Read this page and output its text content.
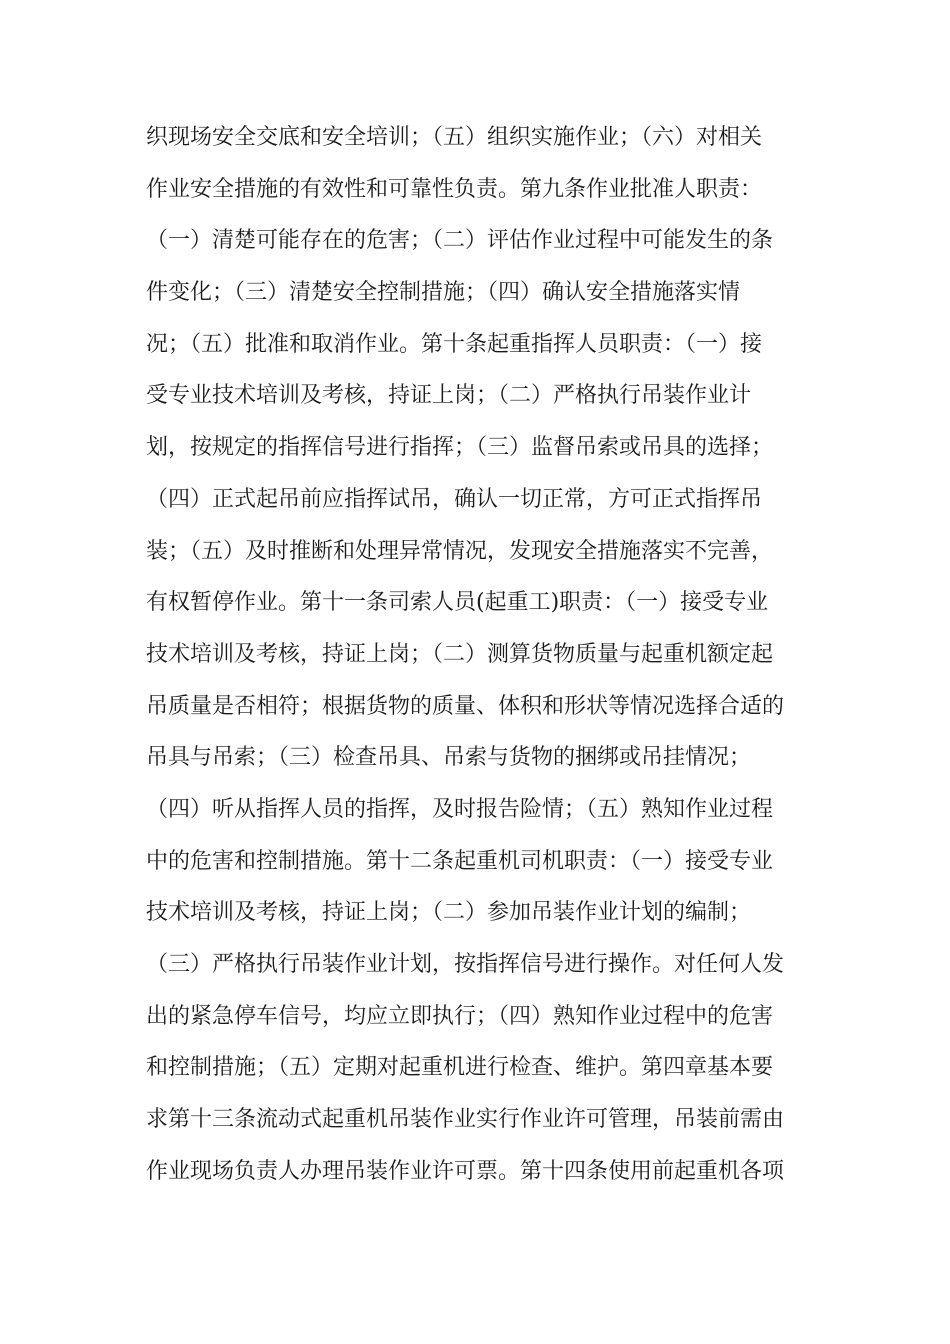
织现场安全交底和安全培训；（五）组织实施作业；（六）对相关
作业安全措施的有效性和可靠性负责。第九条作业批准人职责：
（一）清楚可能存在的危害；（二）评估作业过程中可能发生的条
件变化；（三）清楚安全控制措施；（四）确认安全措施落实情
况；（五）批准和取消作业。第十条起重指挥人员职责：（一）接
受专业技术培训及考核，持证上岗；（二）严格执行吊装作业计
划，按规定的指挥信号进行指挥；（三）监督吊索或吊具的选择；
（四）正式起吊前应指挥试吊，确认一切正常，方可正式指挥吊
装；（五）及时推断和处理异常情况，发现安全措施落实不完善，
有权暂停作业。第十一条司索人员(起重工)职责：（一）接受专业
技术培训及考核，持证上岗；（二）测算货物质量与起重机额定起
吊质量是否相符；根据货物的质量、体积和形状等情况选择合适的
吊具与吊索；（三）检查吊具、吊索与货物的捆绑或吊挂情况；
（四）听从指挥人员的指挥，及时报告险情；（五）熟知作业过程
中的危害和控制措施。第十二条起重机司机职责：（一）接受专业
技术培训及考核，持证上岗；（二）参加吊装作业计划的编制；
（三）严格执行吊装作业计划，按指挥信号进行操作。对任何人发
出的紧急停车信号，均应立即执行；（四）熟知作业过程中的危害
和控制措施；（五）定期对起重机进行检查、维护。第四章基本要
求第十三条流动式起重机吊装作业实行作业许可管理，吊装前需由
作业现场负责人办理吊装作业许可票。第十四条使用前起重机各项
